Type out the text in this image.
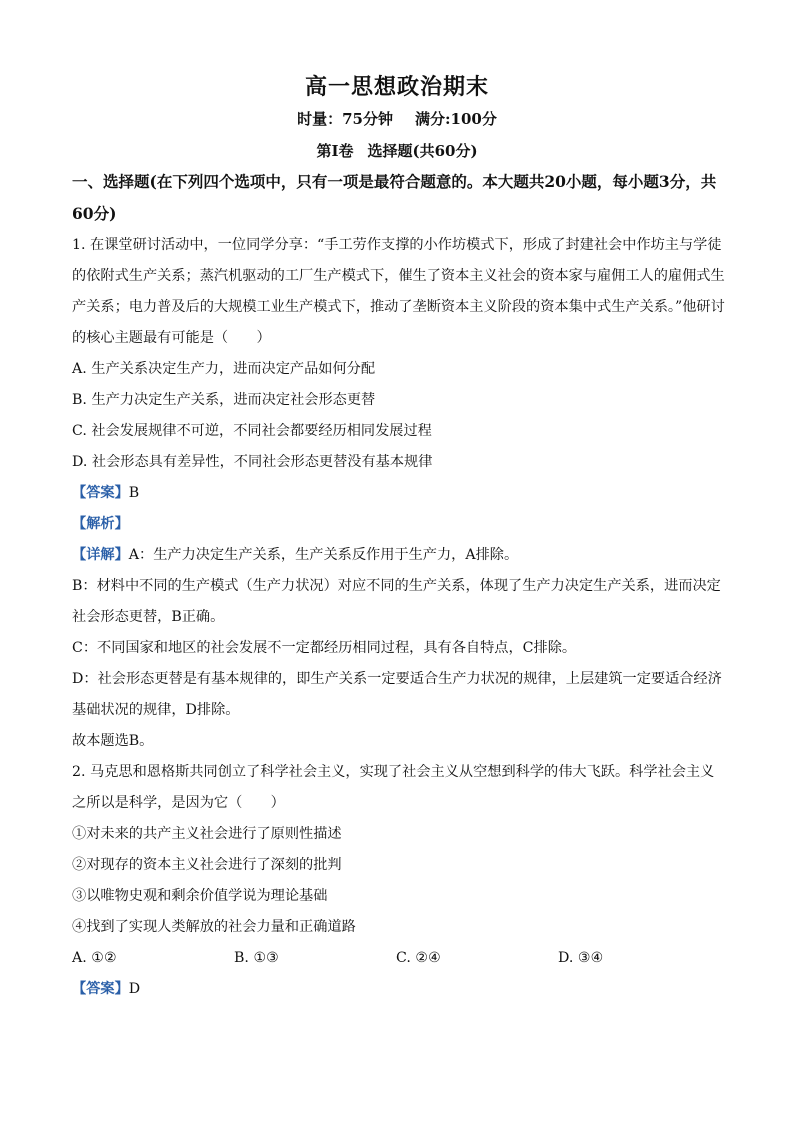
高一思想政治期末
时量：75分钟 满分:100分
第Ⅰ卷 选择题(共60分)

一、选择题(在下列四个选项中，只有一项是最符合题意的。本大题共20小题，每小题3分，共60分)

1. 在课堂研讨活动中，一位同学分享：“手工劳作支撑的小作坊模式下，形成了封建社会中作坊主与学徒的依附式生产关系；蒸汽机驱动的工厂生产模式下，催生了资本主义社会的资本家与雇佣工人的雇佣式生产关系；电力普及后的大规模工业生产模式下，推动了垄断资本主义阶段的资本集中式生产关系。”他研讨的核心主题最有可能是（　　）

A. 生产关系决定生产力，进而决定产品如何分配

B. 生产力决定生产关系，进而决定社会形态更替

C. 社会发展规律不可逆，不同社会都要经历相同发展过程

D. 社会形态具有差异性，不同社会形态更替没有基本规律

【答案】B

【解析】

【详解】A：生产力决定生产关系，生产关系反作用于生产力，A排除。

B：材料中不同的生产模式（生产力状况）对应不同的生产关系，体现了生产力决定生产关系，进而决定社会形态更替，B正确。

C：不同国家和地区的社会发展不一定都经历相同过程，具有各自特点，C排除。

D：社会形态更替是有基本规律的，即生产关系一定要适合生产力状况的规律，上层建筑一定要适合经济基础状况的规律，D排除。

故本题选B。

2. 马克思和恩格斯共同创立了科学社会主义，实现了社会主义从空想到科学的伟大飞跃。科学社会主义之所以是科学，是因为它（　　）

①对未来的共产主义社会进行了原则性描述

②对现存的资本主义社会进行了深刻的批判

③以唯物史观和剩余价值学说为理论基础

④找到了实现人类解放的社会力量和正确道路

A. ①②	B. ①③	C. ②④	D. ③④

【答案】D
